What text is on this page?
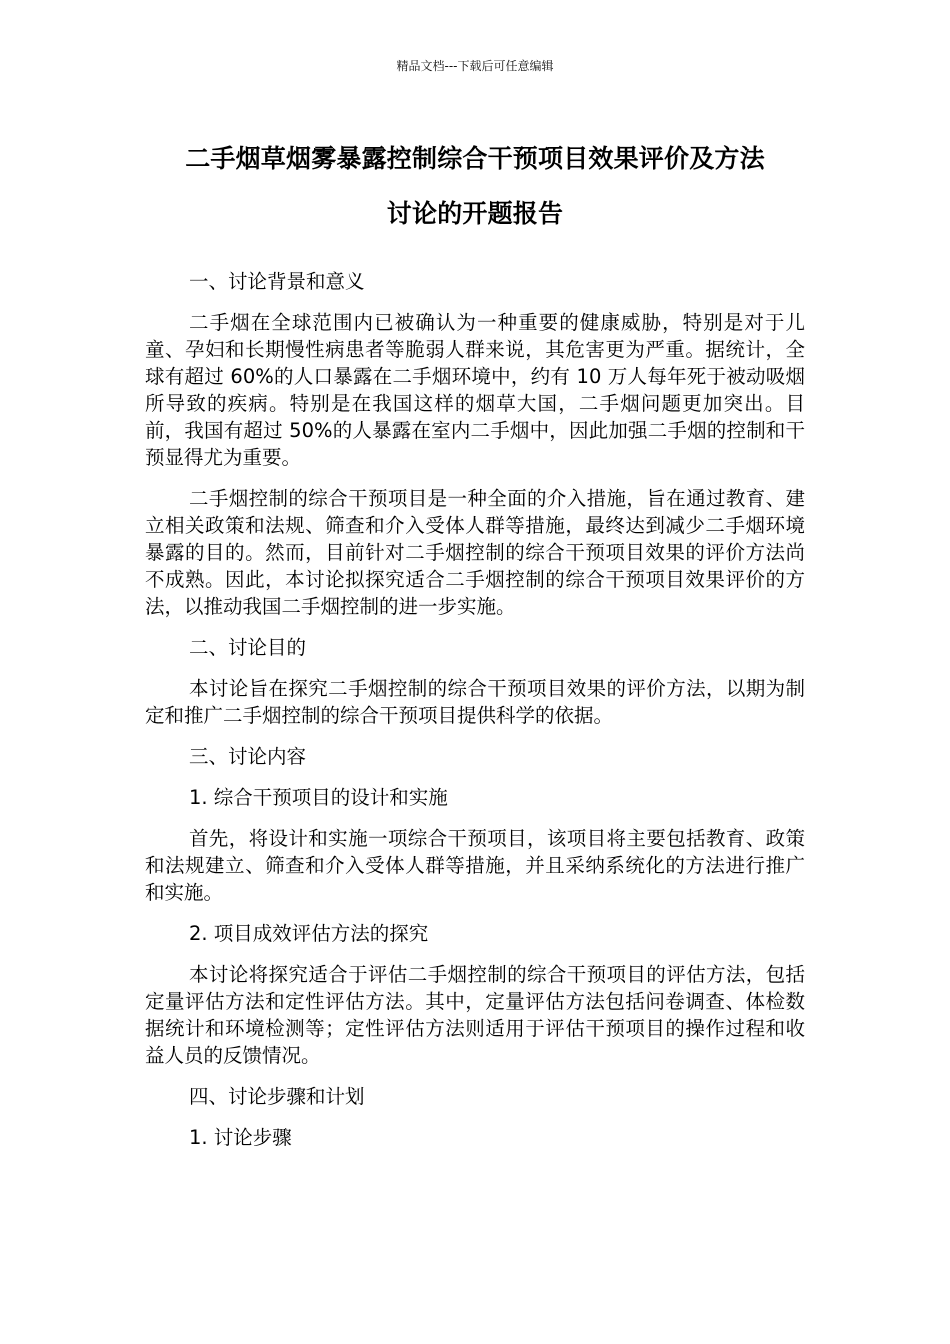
精品文档---下载后可任意编辑
二手烟草烟雾暴露控制综合干预项目效果评价及方法
讨论的开题报告

一、讨论背景和意义

二手烟在全球范围内已被确认为一种重要的健康威胁，特别是对于儿童、孕妇和长期慢性病患者等脆弱人群来说，其危害更为严重。据统计，全球有超过 60%的人口暴露在二手烟环境中，约有 10 万人每年死于被动吸烟所导致的疾病。特别是在我国这样的烟草大国，二手烟问题更加突出。目前，我国有超过 50%的人暴露在室内二手烟中，因此加强二手烟的控制和干预显得尤为重要。

二手烟控制的综合干预项目是一种全面的介入措施，旨在通过教育、建立相关政策和法规、筛查和介入受体人群等措施，最终达到减少二手烟环境暴露的目的。然而，目前针对二手烟控制的综合干预项目效果的评价方法尚不成熟。因此，本讨论拟探究适合二手烟控制的综合干预项目效果评价的方法，以推动我国二手烟控制的进一步实施。

二、讨论目的

本讨论旨在探究二手烟控制的综合干预项目效果的评价方法，以期为制定和推广二手烟控制的综合干预项目提供科学的依据。

三、讨论内容

1. 综合干预项目的设计和实施

首先，将设计和实施一项综合干预项目，该项目将主要包括教育、政策和法规建立、筛查和介入受体人群等措施，并且采纳系统化的方法进行推广和实施。

2. 项目成效评估方法的探究

本讨论将探究适合于评估二手烟控制的综合干预项目的评估方法，包括定量评估方法和定性评估方法。其中，定量评估方法包括问卷调查、体检数据统计和环境检测等；定性评估方法则适用于评估干预项目的操作过程和收益人员的反馈情况。

四、讨论步骤和计划

1. 讨论步骤
